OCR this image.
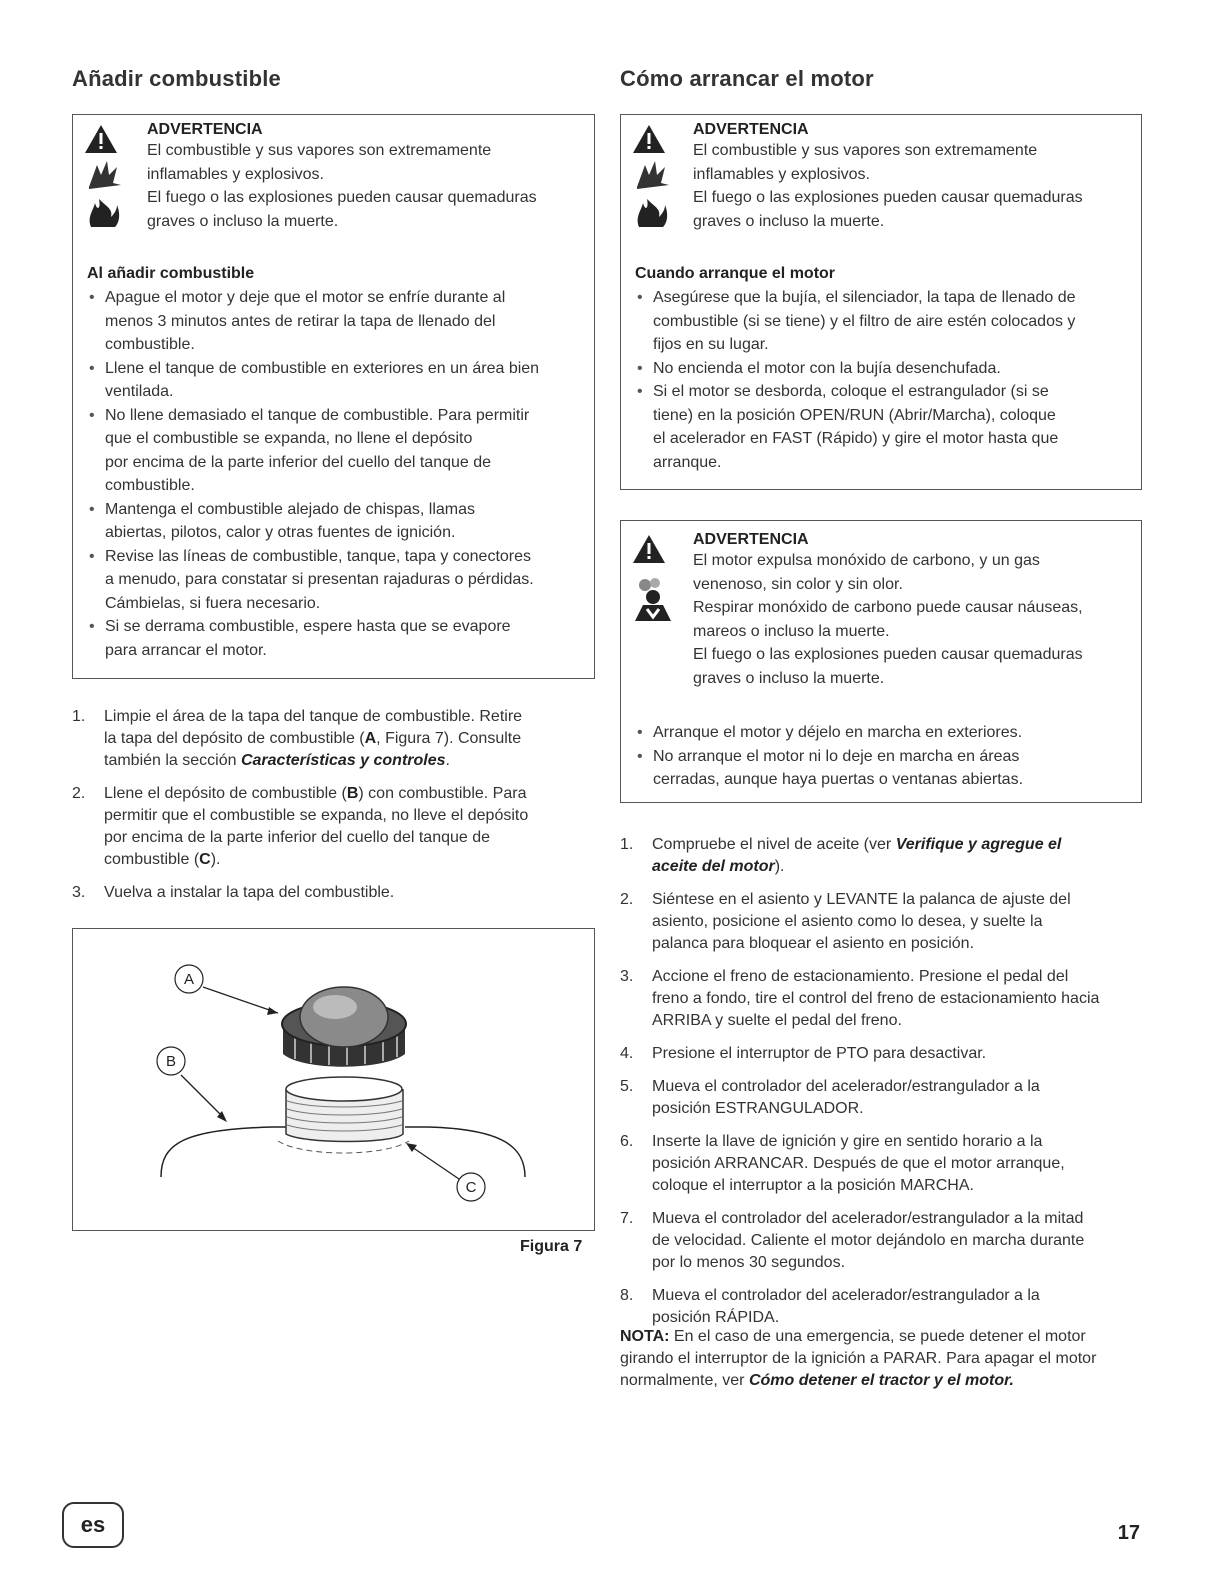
Añadir combustible
ADVERTENCIA
El combustible y sus vapores son extremamente
inflamables y explosivos.
El fuego o las explosiones pueden causar quemaduras
graves o incluso la muerte.
Al añadir combustible
• Apague el motor y deje que el motor se enfríe durante al
menos 3 minutos antes de retirar la tapa de llenado del
combustible.
• Llene el tanque de combustible en exteriores en un área bien
ventilada.
• No llene demasiado el tanque de combustible. Para permitir
que el combustible se expanda, no llene el depósito
por encima de la parte inferior del cuello del tanque de
combustible.
• Mantenga el combustible alejado de chispas, llamas
abiertas, pilotos, calor y otras fuentes de ignición.
• Revise las líneas de combustible, tanque, tapa y conectores
a menudo, para constatar si presentan rajaduras o pérdidas.
Cámbielas, si fuera necesario.
• Si se derrama combustible, espere hasta que se evapore
para arrancar el motor.
1. Limpie el área de la tapa del tanque de combustible. Retire
la tapa del depósito de combustible (A, Figura 7). Consulte
también la sección Características y controles.
2. Llene el depósito de combustible (B) con combustible. Para
permitir que el combustible se expanda, no lleve el depósito
por encima de la parte inferior del cuello del tanque de
combustible (C).
3. Vuelva a instalar la tapa del combustible.
A
B
C
Figura 7
Cómo arrancar el motor
ADVERTENCIA
El combustible y sus vapores son extremamente
inflamables y explosivos.
El fuego o las explosiones pueden causar quemaduras
graves o incluso la muerte.
Cuando arranque el motor
• Asegúrese que la bujía, el silenciador, la tapa de llenado de
combustible (si se tiene) y el filtro de aire estén colocados y
fijos en su lugar.
• No encienda el motor con la bujía desenchufada.
• Si el motor se desborda, coloque el estrangulador (si se
tiene) en la posición OPEN/RUN (Abrir/Marcha), coloque
el acelerador en FAST (Rápido) y gire el motor hasta que
arranque.
ADVERTENCIA
El motor expulsa monóxido de carbono, y un gas
venenoso, sin color y sin olor.
Respirar monóxido de carbono puede causar náuseas,
mareos o incluso la muerte.
El fuego o las explosiones pueden causar quemaduras
graves o incluso la muerte.
• Arranque el motor y déjelo en marcha en exteriores.
• No arranque el motor ni lo deje en marcha en áreas
cerradas, aunque haya puertas o ventanas abiertas.
1. Compruebe el nivel de aceite (ver Verifique y agregue el
aceite del motor).
2. Siéntese en el asiento y LEVANTE la palanca de ajuste del
asiento, posicione el asiento como lo desea, y suelte la
palanca para bloquear el asiento en posición.
3. Accione el freno de estacionamiento. Presione el pedal del
freno a fondo, tire el control del freno de estacionamiento hacia
ARRIBA y suelte el pedal del freno.
4. Presione el interruptor de PTO para desactivar.
5. Mueva el controlador del acelerador/estrangulador a la
posición ESTRANGULADOR.
6. Inserte la llave de ignición y gire en sentido horario a la
posición ARRANCAR. Después de que el motor arranque,
coloque el interruptor a la posición MARCHA.
7. Mueva el controlador del acelerador/estrangulador a la mitad
de velocidad. Caliente el motor dejándolo en marcha durante
por lo menos 30 segundos.
8. Mueva el controlador del acelerador/estrangulador a la
posición RÁPIDA.
NOTA: En el caso de una emergencia, se puede detener el motor
girando el interruptor de la ignición a PARAR. Para apagar el motor
normalmente, ver Cómo detener el tractor y el motor.
es	17
